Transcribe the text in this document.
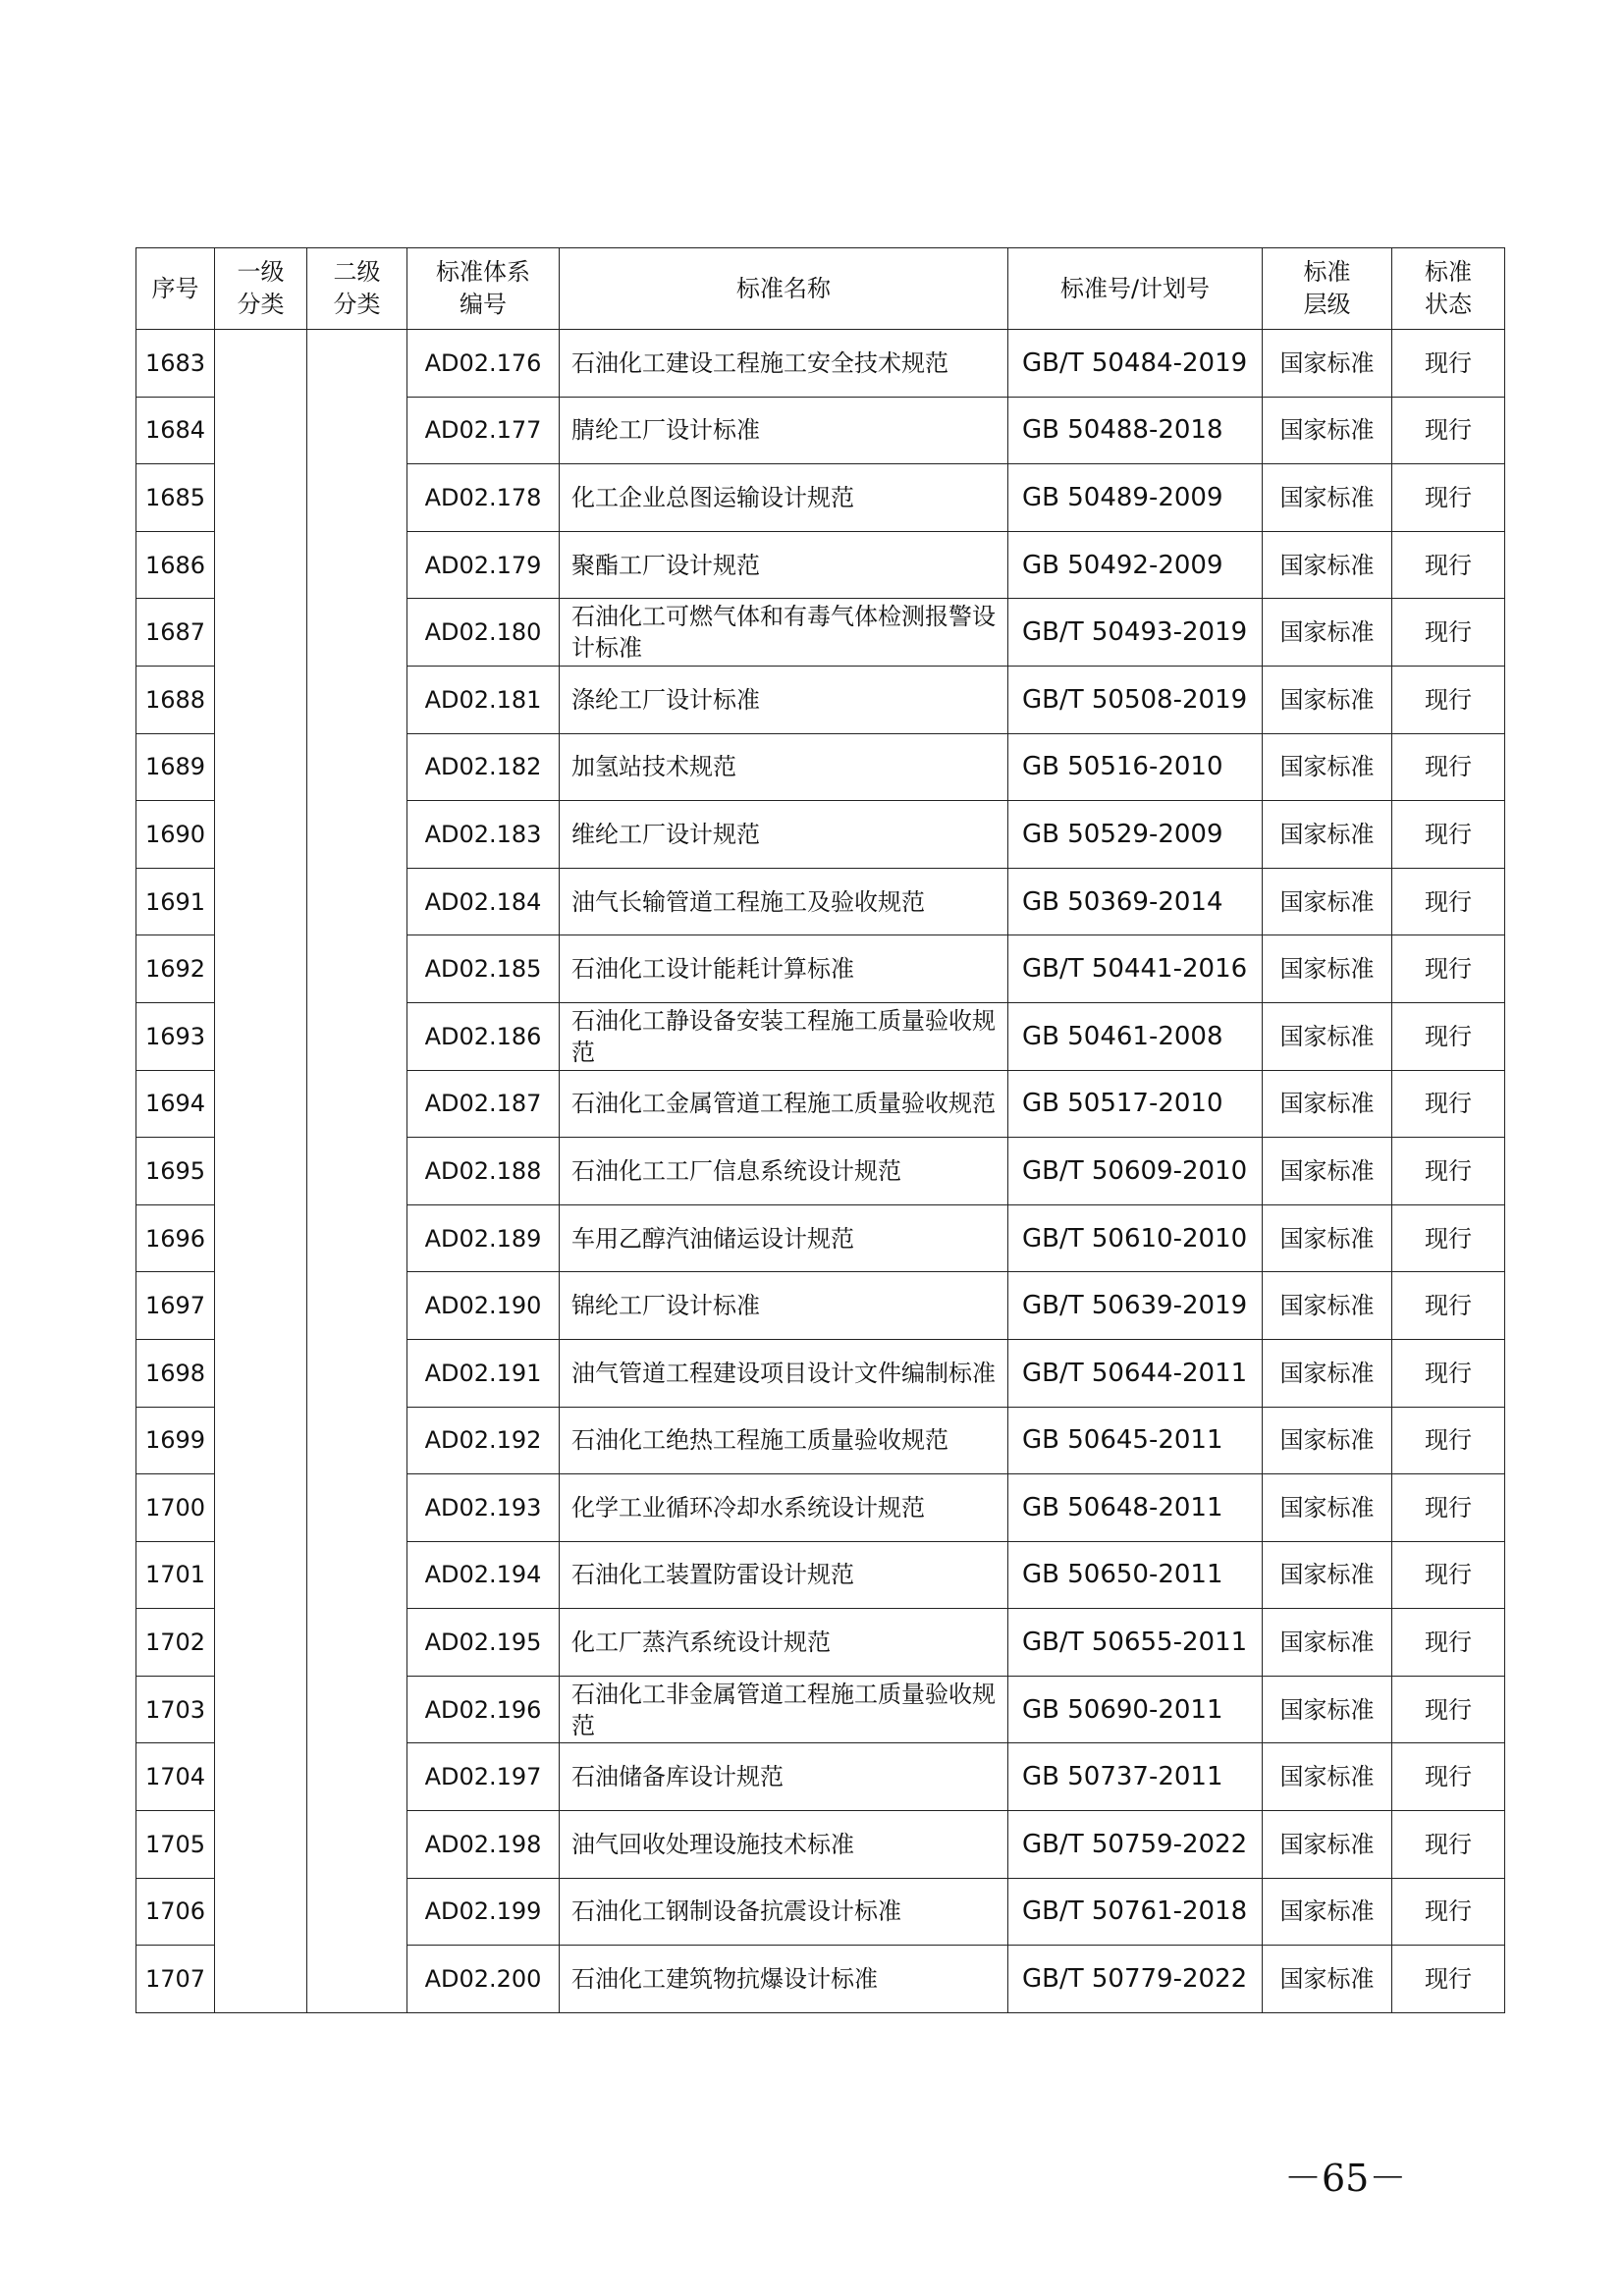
序号	一级分类	二级分类	标准体系编号	标准名称	标准号/计划号	标准层级	标准状态

1683			AD02.176	石油化工建设工程施工安全技术规范	GB/T 50484-2019	国家标准	现行
1684			AD02.177	腈纶工厂设计标准	GB 50488-2018	国家标准	现行
1685			AD02.178	化工企业总图运输设计规范	GB 50489-2009	国家标准	现行
1686			AD02.179	聚酯工厂设计规范	GB 50492-2009	国家标准	现行
1687			AD02.180	石油化工可燃气体和有毒气体检测报警设计标准	GB/T 50493-2019	国家标准	现行
1688			AD02.181	涤纶工厂设计标准	GB/T 50508-2019	国家标准	现行
1689			AD02.182	加氢站技术规范	GB 50516-2010	国家标准	现行
1690			AD02.183	维纶工厂设计规范	GB 50529-2009	国家标准	现行
1691			AD02.184	油气长输管道工程施工及验收规范	GB 50369-2014	国家标准	现行
1692			AD02.185	石油化工设计能耗计算标准	GB/T 50441-2016	国家标准	现行
1693			AD02.186	石油化工静设备安装工程施工质量验收规范	GB 50461-2008	国家标准	现行
1694			AD02.187	石油化工金属管道工程施工质量验收规范	GB 50517-2010	国家标准	现行
1695			AD02.188	石油化工工厂信息系统设计规范	GB/T 50609-2010	国家标准	现行
1696			AD02.189	车用乙醇汽油储运设计规范	GB/T 50610-2010	国家标准	现行
1697			AD02.190	锦纶工厂设计标准	GB/T 50639-2019	国家标准	现行
1698			AD02.191	油气管道工程建设项目设计文件编制标准	GB/T 50644-2011	国家标准	现行
1699			AD02.192	石油化工绝热工程施工质量验收规范	GB 50645-2011	国家标准	现行
1700			AD02.193	化学工业循环冷却水系统设计规范	GB 50648-2011	国家标准	现行
1701			AD02.194	石油化工装置防雷设计规范	GB 50650-2011	国家标准	现行
1702			AD02.195	化工厂蒸汽系统设计规范	GB/T 50655-2011	国家标准	现行
1703			AD02.196	石油化工非金属管道工程施工质量验收规范	GB 50690-2011	国家标准	现行
1704			AD02.197	石油储备库设计规范	GB 50737-2011	国家标准	现行
1705			AD02.198	油气回收处理设施技术标准	GB/T 50759-2022	国家标准	现行
1706			AD02.199	石油化工钢制设备抗震设计标准	GB/T 50761-2018	国家标准	现行
1707			AD02.200	石油化工建筑物抗爆设计标准	GB/T 50779-2022	国家标准	现行
－65－
